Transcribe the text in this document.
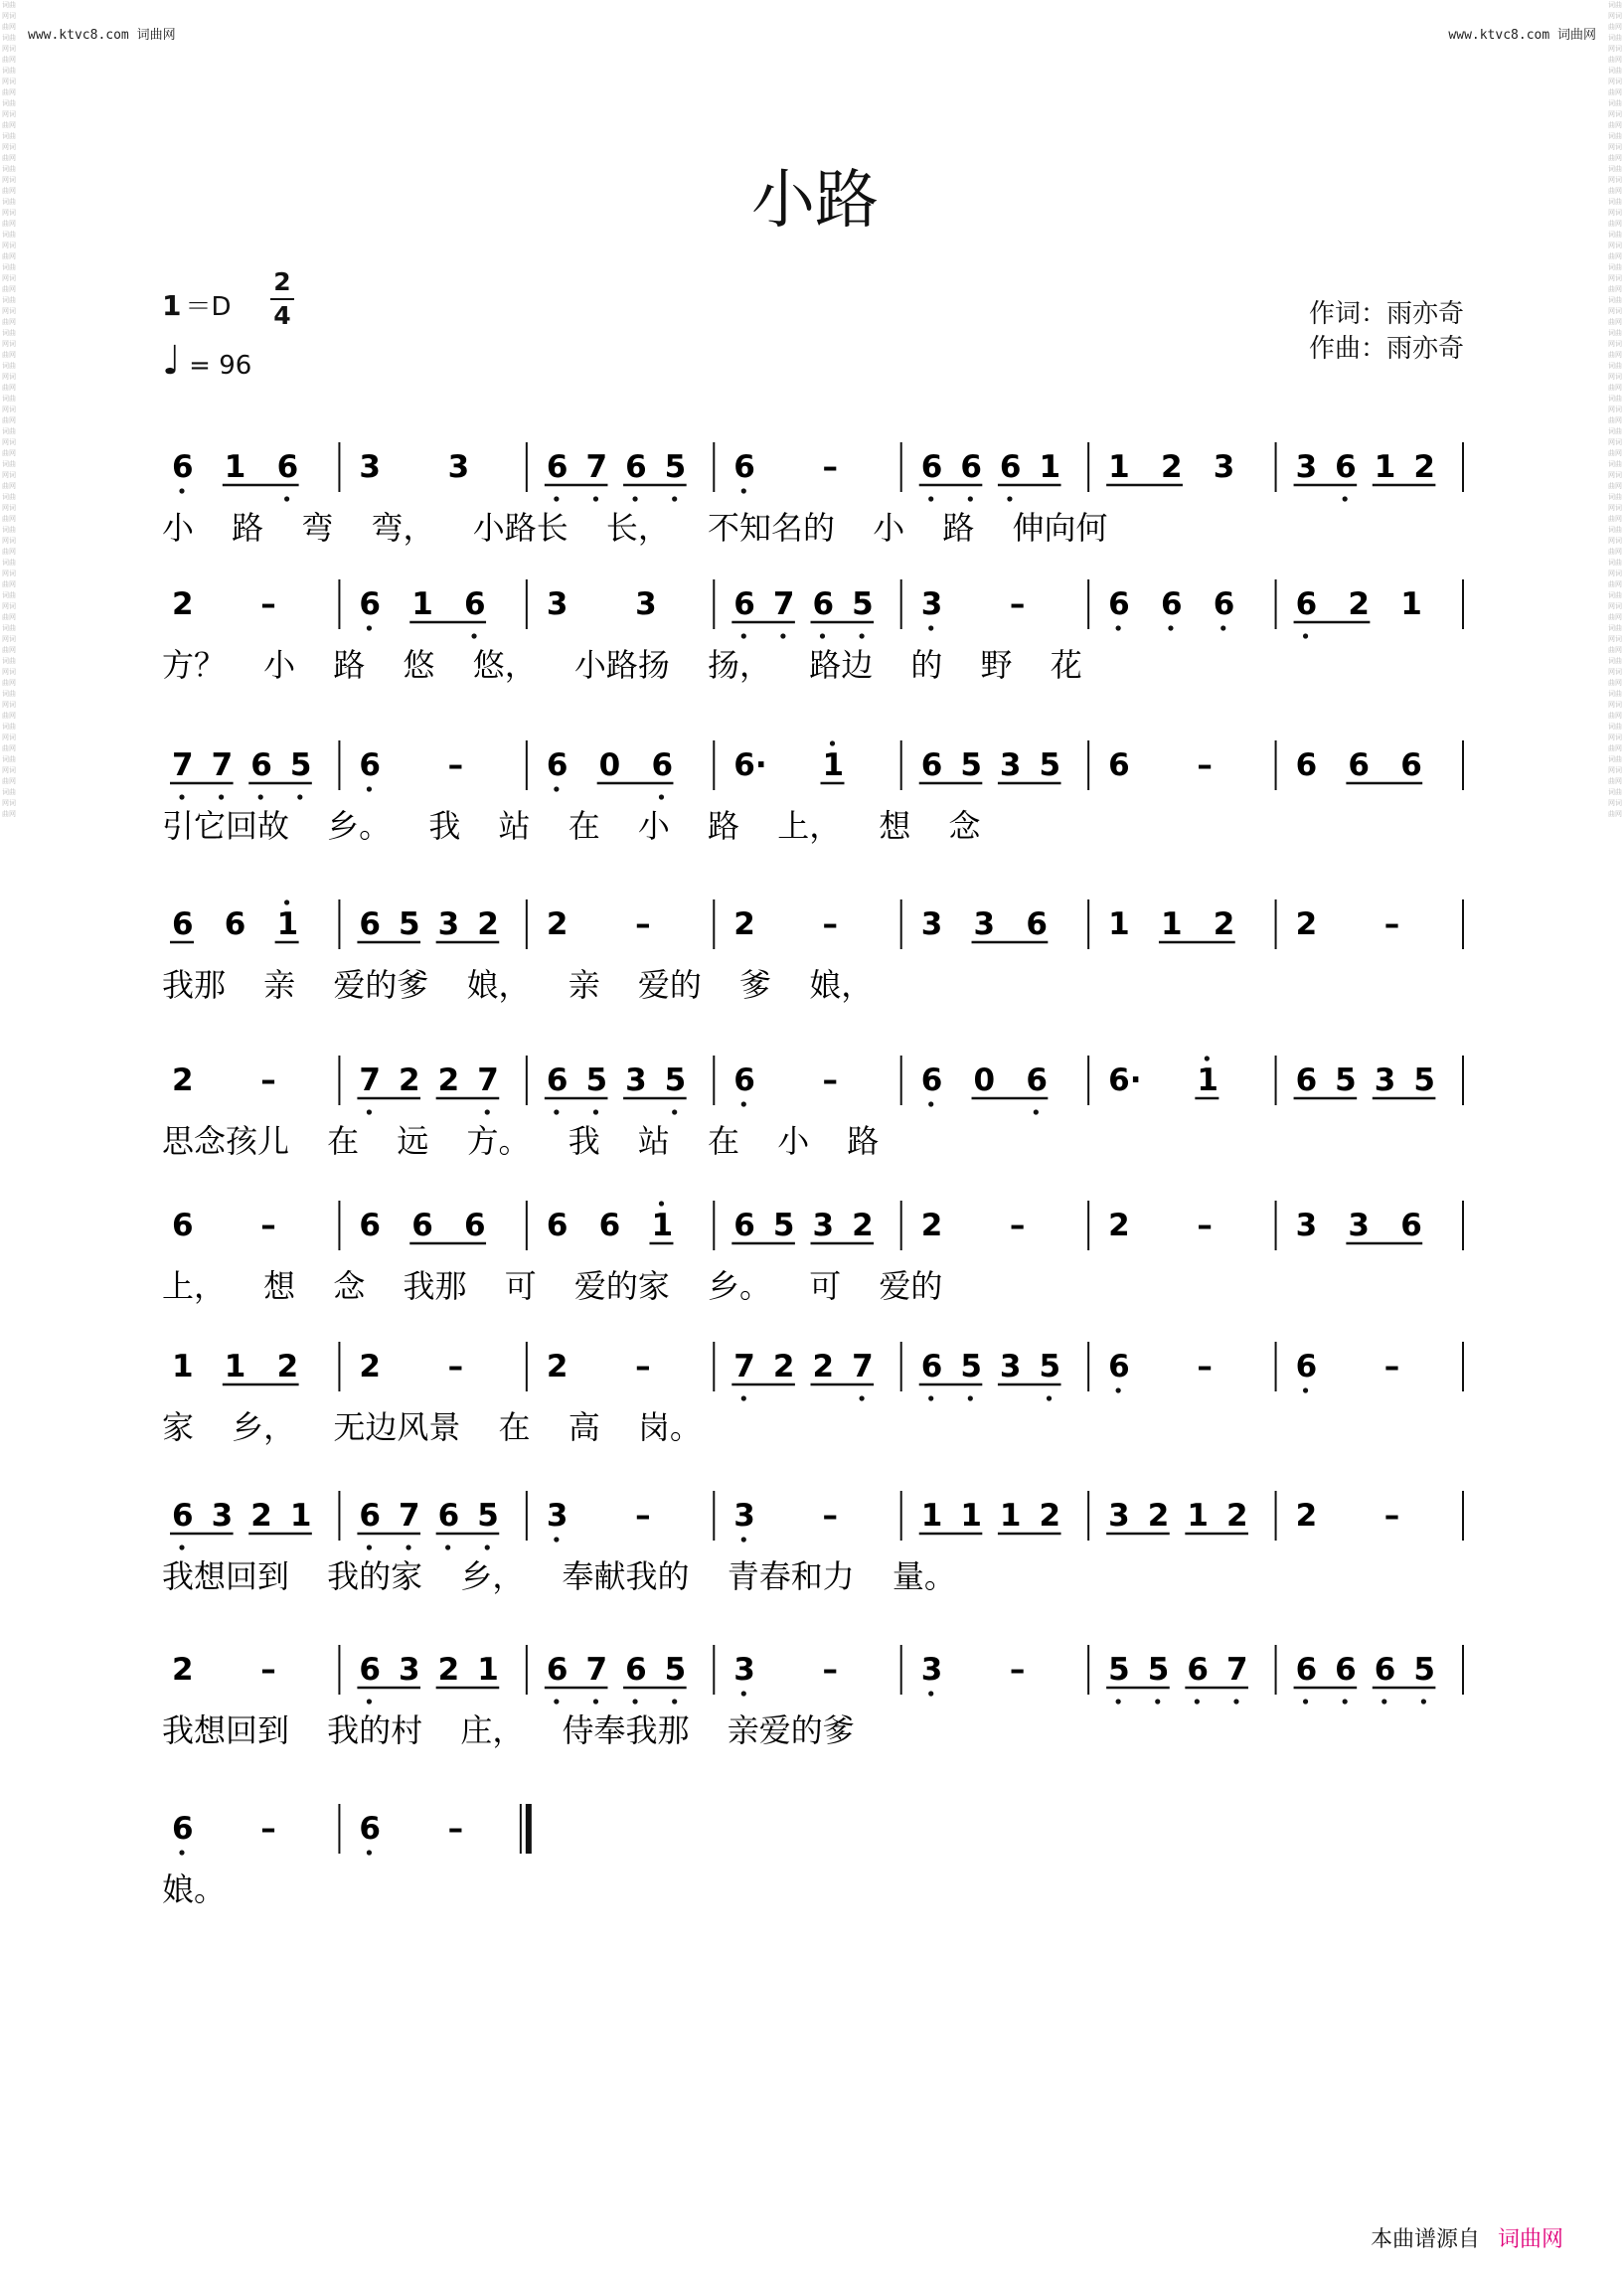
词曲网词曲网词曲网词曲网词曲网词曲网词曲网词曲网词曲网词曲网词曲网词曲网词曲网词曲网词曲网词曲网词曲网词曲网词曲网词曲网词曲网词曲网词曲网词曲网词曲网词曲网词曲网词曲网词曲网词曲网词曲网词曲网词曲网词曲网词曲网词曲网词曲网词曲网词曲网词曲网词曲网词曲网词曲网词曲网词曲网词曲网词曲网词曲网词曲网词曲网
词曲网词曲网词曲网词曲网词曲网词曲网词曲网词曲网词曲网词曲网词曲网词曲网词曲网词曲网词曲网词曲网词曲网词曲网词曲网词曲网词曲网词曲网词曲网词曲网词曲网词曲网词曲网词曲网词曲网词曲网词曲网词曲网词曲网词曲网词曲网词曲网词曲网词曲网词曲网词曲网词曲网词曲网词曲网词曲网词曲网词曲网词曲网词曲网词曲网词曲网
www.ktvc8.com 词曲网	www.ktvc8.com 词曲网
小路
1 ＝D
2
4
♩ = 96
作词：雨亦奇
作曲：雨亦奇
6 1 6 3 3	6 7 6 5 6 –	6 6 6 1 1 2 3 3 6 1 2
小 路 弯 弯， 小路长 长， 不知名的 小 路 伸向何
2 –	6 1 6 3 3	6 7 6 5 3 –	6 6 6 6 2 1
方？ 小 路 悠 悠， 小路扬 扬， 路边 的 野 花
7 7 6 5 6 –	6 0 6 6· 1	6 5 3 5 6 –	6 6 6
引它回故 乡。 我 站 在 小 路 上， 想 念
6 6 1 6 5 3 2 2 –	2 –	3 3 6 1 1 2 2 –
我那 亲 爱的爹 娘， 亲 爱的 爹 娘，
2 –	7 2 2 7 6 5 3 5 6 –	6 0 6 6· 1	6 5 3 5
思念孩儿 在 远 方。 我 站 在 小 路
6 –	6 6 6 6 6 1 6 5 3 2 2 –	2 –	3 3 6
上， 想 念 我那 可 爱的家 乡。 可 爱的
1 1 2 2 –	2 –	7 2 2 7 6 5 3 5 6 –	6 –
家 乡， 无边风景 在 高 岗。
6 3 2 1 6 7 6 5 3 –	3 –	1 1 1 2 3 2 1 2 2 –
我想回到 我的家 乡， 奉献我的 青春和力 量。
2 –	6 3 2 1 6 7 6 5 3 –	3 –	5 5 6 7 6 6 6 5
我想回到 我的村 庄， 侍奉我那 亲爱的爹
6 –	6 –
娘。
本曲谱源自 词曲网
